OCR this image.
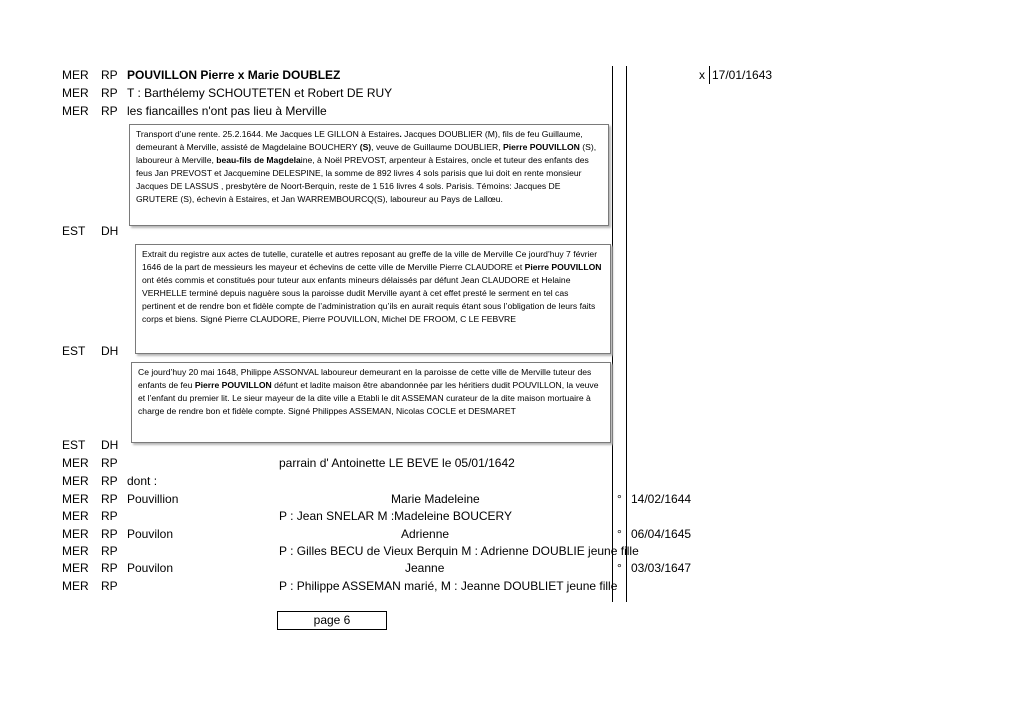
MER RP POUVILLON Pierre x Marie DOUBLEZ	x 17/01/1643
MER RP T : Barthélemy SCHOUTETEN et Robert DE RUY
MER RP les fiancailles n'ont pas lieu à Merville

Transport d’une rente. 25.2.1644. Me Jacques LE GILLON à Estaires. Jacques DOUBLIER (M), fils de feu Guillaume, demeurant à Merville, assisté de Magdelaine BOUCHERY (S), veuve de Guillaume DOUBLIER, Pierre POUVILLON (S), laboureur à Merville, beau-fils de Magdelaine, à Noël PREVOST, arpenteur à Estaires, oncle et tuteur des enfants des feus Jan PREVOST et Jacquemine DELESPINE, la somme de 892 livres 4 sols parisis que lui doit en rente monsieur Jacques DE LASSUS , presbytère de Noort-Berquin, reste de 1 516 livres 4 sols. Parisis. Témoins: Jacques DE GRUTERE (S), échevin à Estaires, et Jan WARREMBOURCQ(S), laboureur au Pays de Lallœu.

EST DH

Extrait du registre aux actes de tutelle, curatelle et autres reposant au greffe de la ville de Merville Ce jourd’huy 7 février 1646 de la part de messieurs les mayeur et échevins de cette ville de Merville Pierre CLAUDORE et Pierre POUVILLON ont étés commis et constitués pour tuteur aux enfants mineurs délaissés par défunt Jean CLAUDORE et Helaine VERHELLE terminé depuis naguère sous la paroisse dudit Merville ayant à cet effet presté le serment en tel cas pertinent et de rendre bon et fidèle compte de l’administration qu’ils en aurait requis étant sous l’obligation de leurs faits corps et biens. Signé Pierre CLAUDORE, Pierre POUVILLON, Michel DE FROOM, C LE FEBVRE

EST DH

Ce jourd’huy 20 mai 1648, Philippe ASSONVAL laboureur demeurant en la paroisse de cette ville de Merville tuteur des enfants de feu Pierre POUVILLON défunt et ladite maison être abandonnée par les héritiers dudit POUVILLON, la veuve et l’enfant du premier lit. Le sieur mayeur de la dite ville a Etabli le dit ASSEMAN curateur de la dite maison mortuaire à charge de rendre bon et fidèle compte. Signé Philippes ASSEMAN, Nicolas COCLE et DESMARET

EST DH
MER RP	parrain d' Antoinette LE BEVE le 05/01/1642
MER RP dont :
MER RP Pouvillion	Marie Madeleine	° 14/02/1644
MER RP	P : Jean SNELAR M :Madeleine BOUCERY
MER RP Pouvilon	Adrienne	° 06/04/1645
MER RP	P : Gilles BECU de Vieux Berquin M : Adrienne DOUBLIE jeune fille
MER RP Pouvilon	Jeanne	° 03/03/1647
MER RP	P : Philippe ASSEMAN marié, M : Jeanne DOUBLIET jeune fille
page 6
